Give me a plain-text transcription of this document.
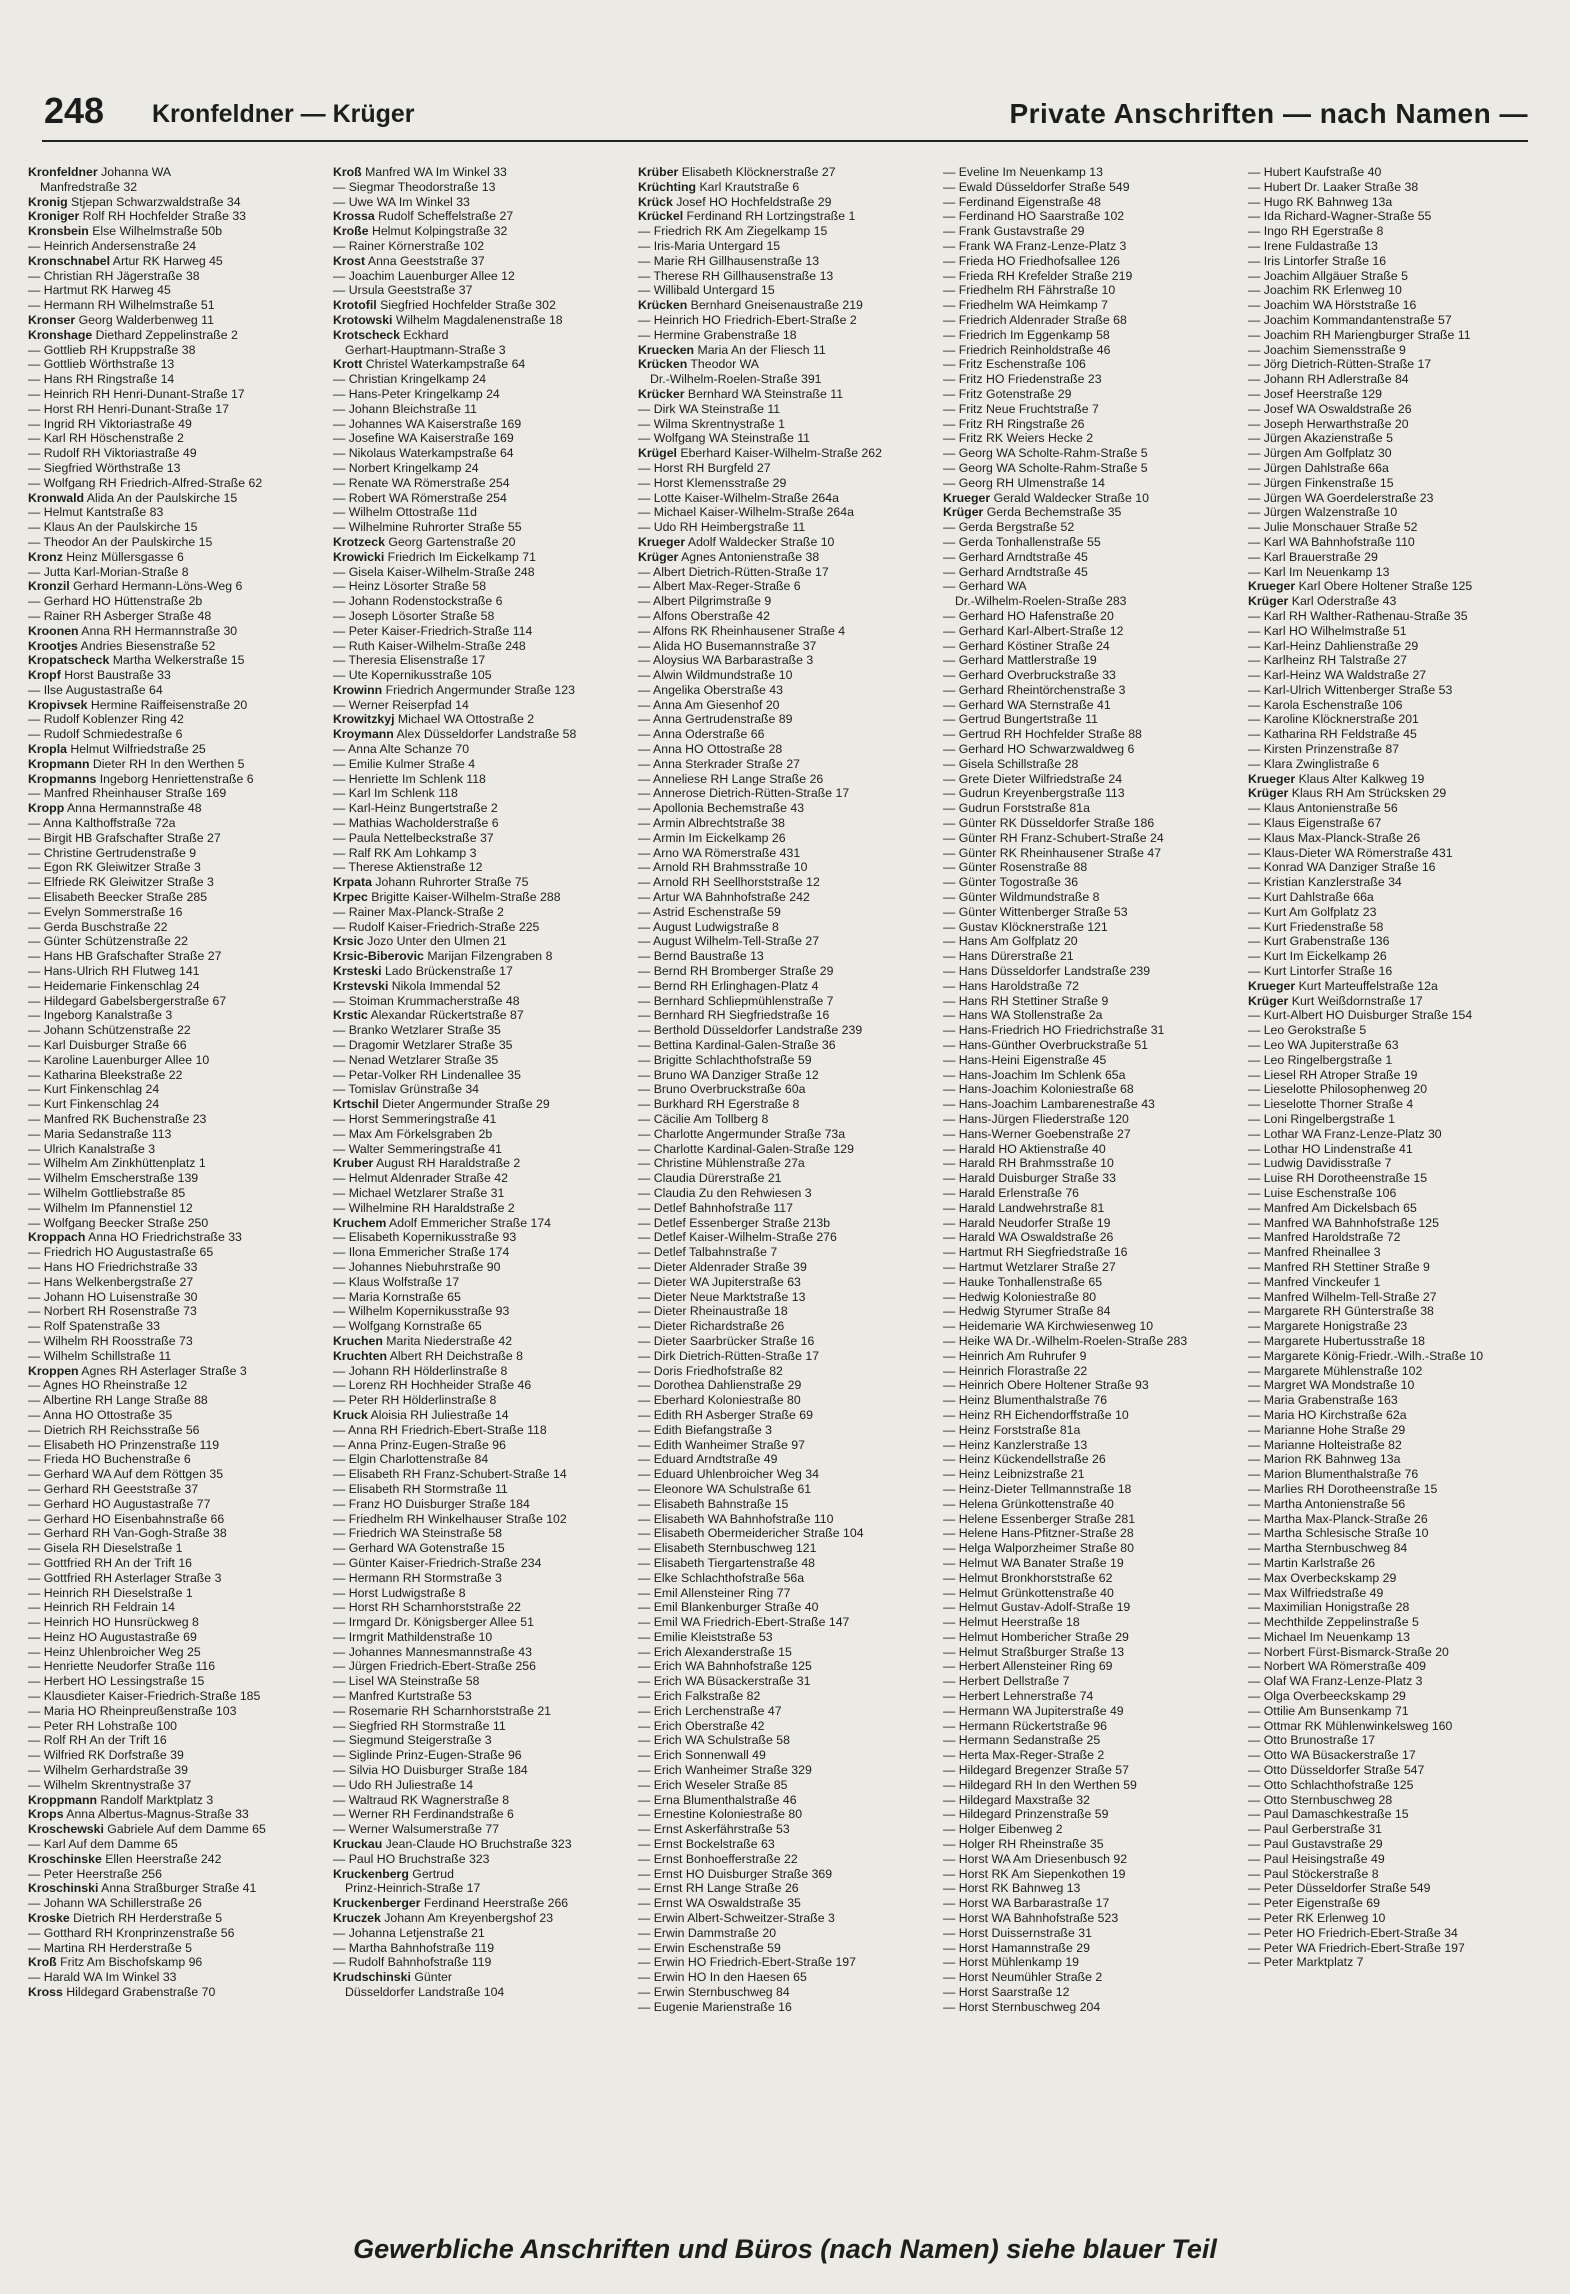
248 Kronfeldner — Krüger	Private Anschriften — nach Namen —
Kronfeldner Johanna WA
Manfredstraße 32
Kronig Stjepan Schwarzwaldstraße 34
Kroniger Rolf RH Hochfelder Straße 33
Kronsbein Else Wilhelmstraße 50b
— Heinrich Andersenstraße 24
Kronschnabel Artur RK Harweg 45
— Christian RH Jägerstraße 38
— Hartmut RK Harweg 45
— Hermann RH Wilhelmstraße 51
Kronser Georg Walderbenweg 11
Kronshage Diethard Zeppelinstraße 2
— Gottlieb RH Kruppstraße 38
— Gottlieb Wörthstraße 13
— Hans RH Ringstraße 14
— Heinrich RH Henri-Dunant-Straße 17
— Horst RH Henri-Dunant-Straße 17
— Ingrid RH Viktoriastraße 49
— Karl RH Höschenstraße 2
— Rudolf RH Viktoriastraße 49
— Siegfried Wörthstraße 13
— Wolfgang RH Friedrich-Alfred-Straße 62
Kronwald Alida An der Paulskirche 15
— Helmut Kantstraße 83
— Klaus An der Paulskirche 15
— Theodor An der Paulskirche 15
Kronz Heinz Müllersgasse 6
— Jutta Karl-Morian-Straße 8
Kronzil Gerhard Hermann-Löns-Weg 6
— Gerhard HO Hüttenstraße 2b
— Rainer RH Asberger Straße 48
Kroonen Anna RH Hermannstraße 30
Krootjes Andries Biesenstraße 52
Kropatscheck Martha Welkerstraße 15
Kropf Horst Baustraße 33
— Ilse Augustastraße 64
Kropivsek Hermine Raiffeisenstraße 20
— Rudolf Koblenzer Ring 42
— Rudolf Schmiedestraße 6
Kropla Helmut Wilfriedstraße 25
Kropmann Dieter RH In den Werthen 5
Kropmanns Ingeborg Henriettenstraße 6
— Manfred Rheinhauser Straße 169
Kropp Anna Hermannstraße 48
— Anna Kalthoffstraße 72a
— Birgit HB Grafschafter Straße 27
— Christine Gertrudenstraße 9
— Egon RK Gleiwitzer Straße 3
— Elfriede RK Gleiwitzer Straße 3
— Elisabeth Beecker Straße 285
— Evelyn Sommerstraße 16
— Gerda Buschstraße 22
— Günter Schützenstraße 22
— Hans HB Grafschafter Straße 27
— Hans-Ulrich RH Flutweg 141
— Heidemarie Finkenschlag 24
— Hildegard Gabelsbergerstraße 67
— Ingeborg Kanalstraße 3
— Johann Schützenstraße 22
— Karl Duisburger Straße 66
— Karoline Lauenburger Allee 10
— Katharina Bleekstraße 22
— Kurt Finkenschlag 24
— Kurt Finkenschlag 24
— Manfred RK Buchenstraße 23
— Maria Sedanstraße 113
— Ulrich Kanalstraße 3
— Wilhelm Am Zinkhüttenplatz 1
— Wilhelm Emscherstraße 139
— Wilhelm Gottliebstraße 85
— Wilhelm Im Pfannenstiel 12
— Wolfgang Beecker Straße 250
Kroppach Anna HO Friedrichstraße 33
— Friedrich HO Augustastraße 65
— Hans HO Friedrichstraße 33
— Hans Welkenbergstraße 27
— Johann HO Luisenstraße 30
— Norbert RH Rosenstraße 73
— Rolf Spatenstraße 33
— Wilhelm RH Roosstraße 73
— Wilhelm Schillstraße 11
Kroppen Agnes RH Asterlager Straße 3
— Agnes HO Rheinstraße 12
— Albertine RH Lange Straße 88
— Anna HO Ottostraße 35
— Dietrich RH Reichsstraße 56
— Elisabeth HO Prinzenstraße 119
— Frieda HO Buchenstraße 6
— Gerhard WA Auf dem Röttgen 35
— Gerhard RH Geeststraße 37
— Gerhard HO Augustastraße 77
— Gerhard HO Eisenbahnstraße 66
— Gerhard RH Van-Gogh-Straße 38
— Gisela RH Dieselstraße 1
— Gottfried RH An der Trift 16
— Gottfried RH Asterlager Straße 3
— Heinrich RH Dieselstraße 1
— Heinrich RH Feldrain 14
— Heinrich HO Hunsrückweg 8
— Heinz HO Augustastraße 69
— Heinz Uhlenbroicher Weg 25
— Henriette Neudorfer Straße 116
— Herbert HO Lessingstraße 15
— Klausdieter Kaiser-Friedrich-Straße 185
— Maria HO Rheinpreußenstraße 103
— Peter RH Lohstraße 100
— Rolf RH An der Trift 16
— Wilfried RK Dorfstraße 39
— Wilhelm Gerhardstraße 39
— Wilhelm Skrentnystraße 37
Kroppmann Randolf Marktplatz 3
Krops Anna Albertus-Magnus-Straße 33
Kroschewski Gabriele Auf dem Damme 65
— Karl Auf dem Damme 65
Kroschinske Ellen Heerstraße 242
— Peter Heerstraße 256
Kroschinski Anna Straßburger Straße 41
— Johann WA Schillerstraße 26
Kroske Dietrich RH Herderstraße 5
— Gotthard RH Kronprinzenstraße 56
— Martina RH Herderstraße 5
Kroß Fritz Am Bischofskamp 96
— Harald WA Im Winkel 33
Kross Hildegard Grabenstraße 70
Kroß Manfred WA Im Winkel 33
— Siegmar Theodorstraße 13
— Uwe WA Im Winkel 33
Krossa Rudolf Scheffelstraße 27
Kroße Helmut Kolpingstraße 32
— Rainer Körnerstraße 102
Krost Anna Geeststraße 37
— Joachim Lauenburger Allee 12
— Ursula Geeststraße 37
Krotofil Siegfried Hochfelder Straße 302
Krotowski Wilhelm Magdalenenstraße 18
Krotscheck Eckhard
Gerhart-Hauptmann-Straße 3
Krott Christel Waterkampstraße 64
— Christian Kringelkamp 24
— Hans-Peter Kringelkamp 24
— Johann Bleichstraße 11
— Johannes WA Kaiserstraße 169
— Josefine WA Kaiserstraße 169
— Nikolaus Waterkampstraße 64
— Norbert Kringelkamp 24
— Renate WA Römerstraße 254
— Robert WA Römerstraße 254
— Wilhelm Ottostraße 11d
— Wilhelmine Ruhrorter Straße 55
Krotzeck Georg Gartenstraße 20
Krowicki Friedrich Im Eickelkamp 71
— Gisela Kaiser-Wilhelm-Straße 248
— Heinz Lösorter Straße 58
— Johann Rodenstockstraße 6
— Joseph Lösorter Straße 58
— Peter Kaiser-Friedrich-Straße 114
— Ruth Kaiser-Wilhelm-Straße 248
— Theresia Elisenstraße 17
— Ute Kopernikusstraße 105
Krowinn Friedrich Angermunder Straße 123
— Werner Reiserpfad 14
Krowitzkyj Michael WA Ottostraße 2
Kroymann Alex Düsseldorfer Landstraße 58
— Anna Alte Schanze 70
— Emilie Kulmer Straße 4
— Henriette Im Schlenk 118
— Karl Im Schlenk 118
— Karl-Heinz Bungertstraße 2
— Mathias Wacholderstraße 6
— Paula Nettelbeckstraße 37
— Ralf RK Am Lohkamp 3
— Therese Aktienstraße 12
Krpata Johann Ruhrorter Straße 75
Krpec Brigitte Kaiser-Wilhelm-Straße 288
— Rainer Max-Planck-Straße 2
— Rudolf Kaiser-Friedrich-Straße 225
Krsic Jozo Unter den Ulmen 21
Krsic-Biberovic Marijan Filzengraben 8
Krsteski Lado Brückenstraße 17
Krstevski Nikola Immendal 52
— Stoiman Krummacherstraße 48
Krstic Alexandar Rückertstraße 87
— Branko Wetzlarer Straße 35
— Dragomir Wetzlarer Straße 35
— Nenad Wetzlarer Straße 35
— Petar-Volker RH Lindenallee 35
— Tomislav Grünstraße 34
Krtschil Dieter Angermunder Straße 29
— Horst Semmeringstraße 41
— Max Am Förkelsgraben 2b
— Walter Semmeringstraße 41
Kruber August RH Haraldstraße 2
— Helmut Aldenrader Straße 42
— Michael Wetzlarer Straße 31
— Wilhelmine RH Haraldstraße 2
Kruchem Adolf Emmericher Straße 174
— Elisabeth Kopernikusstraße 93
— Ilona Emmericher Straße 174
— Johannes Niebuhrstraße 90
— Klaus Wolfstraße 17
— Maria Kornstraße 65
— Wilhelm Kopernikusstraße 93
— Wolfgang Kornstraße 65
Kruchen Marita Niederstraße 42
Kruchten Albert RH Deichstraße 8
— Johann RH Hölderlinstraße 8
— Lorenz RH Hochheider Straße 46
— Peter RH Hölderlinstraße 8
Kruck Aloisia RH Juliestraße 14
— Anna RH Friedrich-Ebert-Straße 118
— Anna Prinz-Eugen-Straße 96
— Elgin Charlottenstraße 84
— Elisabeth RH Franz-Schubert-Straße 14
— Elisabeth RH Stormstraße 11
— Franz HO Duisburger Straße 184
— Friedhelm RH Winkelhauser Straße 102
— Friedrich WA Steinstraße 58
— Gerhard WA Gotenstraße 15
— Günter Kaiser-Friedrich-Straße 234
— Hermann RH Stormstraße 3
— Horst Ludwigstraße 8
— Horst RH Scharnhorststraße 22
— Irmgard Dr. Königsberger Allee 51
— Irmgrit Mathildenstraße 10
— Johannes Mannesmannstraße 43
— Jürgen Friedrich-Ebert-Straße 256
— Lisel WA Steinstraße 58
— Manfred Kurtstraße 53
— Rosemarie RH Scharnhorststraße 21
— Siegfried RH Stormstraße 11
— Siegmund Steigerstraße 3
— Siglinde Prinz-Eugen-Straße 96
— Silvia HO Duisburger Straße 184
— Udo RH Juliestraße 14
— Waltraud RK Wagnerstraße 8
— Werner RH Ferdinandstraße 6
— Werner Walsumerstraße 77
Kruckau Jean-Claude HO Bruchstraße 323
— Paul HO Bruchstraße 323
Kruckenberg Gertrud
Prinz-Heinrich-Straße 17
Kruckenberger Ferdinand Heerstraße 266
Kruczek Johann Am Kreyenbergshof 23
— Johanna Letjenstraße 21
— Martha Bahnhofstraße 119
— Rudolf Bahnhofstraße 119
Krudschinski Günter
Düsseldorfer Landstraße 104
Krüber Elisabeth Klöcknerstraße 27
Krüchting Karl Krautstraße 6
Krück Josef HO Hochfeldstraße 29
Krückel Ferdinand RH Lortzingstraße 1
— Friedrich RK Am Ziegelkamp 15
— Iris-Maria Untergard 15
— Marie RH Gillhausenstraße 13
— Therese RH Gillhausenstraße 13
— Willibald Untergard 15
Krücken Bernhard Gneisenaustraße 219
— Heinrich HO Friedrich-Ebert-Straße 2
— Hermine Grabenstraße 18
Kruecken Maria An der Fliesch 11
Krücken Theodor WA
Dr.-Wilhelm-Roelen-Straße 391
Krücker Bernhard WA Steinstraße 11
— Dirk WA Steinstraße 11
— Wilma Skrentnystraße 1
— Wolfgang WA Steinstraße 11
Krügel Eberhard Kaiser-Wilhelm-Straße 262
— Horst RH Burgfeld 27
— Horst Klemensstraße 29
— Lotte Kaiser-Wilhelm-Straße 264a
— Michael Kaiser-Wilhelm-Straße 264a
— Udo RH Heimbergstraße 11
Krueger Adolf Waldecker Straße 10
Krüger Agnes Antonienstraße 38
— Albert Dietrich-Rütten-Straße 17
— Albert Max-Reger-Straße 6
— Albert Pilgrimstraße 9
— Alfons Oberstraße 42
— Alfons RK Rheinhausener Straße 4
— Alida HO Busemannstraße 37
— Aloysius WA Barbarastraße 3
— Alwin Wildmundstraße 10
— Angelika Oberstraße 43
— Anna Am Giesenhof 20
— Anna Gertrudenstraße 89
— Anna Oderstraße 66
— Anna HO Ottostraße 28
— Anna Sterkrader Straße 27
— Anneliese RH Lange Straße 26
— Annerose Dietrich-Rütten-Straße 17
— Apollonia Bechemstraße 43
— Armin Albrechtstraße 38
— Armin Im Eickelkamp 26
— Arno WA Römerstraße 431
— Arnold RH Brahmsstraße 10
— Arnold RH Seellhorststraße 12
— Artur WA Bahnhofstraße 242
— Astrid Eschenstraße 59
— August Ludwigstraße 8
— August Wilhelm-Tell-Straße 27
— Bernd Baustraße 13
— Bernd RH Bromberger Straße 29
— Bernd RH Erlinghagen-Platz 4
— Bernhard Schliepmühlenstraße 7
— Bernhard RH Siegfriedstraße 16
— Berthold Düsseldorfer Landstraße 239
— Bettina Kardinal-Galen-Straße 36
— Brigitte Schlachthofstraße 59
— Bruno WA Danziger Straße 12
— Bruno Overbruckstraße 60a
— Burkhard RH Egerstraße 8
— Cäcilie Am Tollberg 8
— Charlotte Angermunder Straße 73a
— Charlotte Kardinal-Galen-Straße 129
— Christine Mühlenstraße 27a
— Claudia Dürerstraße 21
— Claudia Zu den Rehwiesen 3
— Detlef Bahnhofstraße 117
— Detlef Essenberger Straße 213b
— Detlef Kaiser-Wilhelm-Straße 276
— Detlef Talbahnstraße 7
— Dieter Aldenrader Straße 39
— Dieter WA Jupiterstraße 63
— Dieter Neue Marktstraße 13
— Dieter Rheinaustraße 18
— Dieter Richardstraße 26
— Dieter Saarbrücker Straße 16
— Dirk Dietrich-Rütten-Straße 17
— Doris Friedhofstraße 82
— Dorothea Dahlienstraße 29
— Eberhard Koloniestraße 80
— Edith RH Asberger Straße 69
— Edith Biefangstraße 3
— Edith Wanheimer Straße 97
— Eduard Arndtstraße 49
— Eduard Uhlenbroicher Weg 34
— Eleonore WA Schulstraße 61
— Elisabeth Bahnstraße 15
— Elisabeth WA Bahnhofstraße 110
— Elisabeth Obermeidericher Straße 104
— Elisabeth Sternbuschweg 121
— Elisabeth Tiergartenstraße 48
— Elke Schlachthofstraße 56a
— Emil Allensteiner Ring 77
— Emil Blankenburger Straße 40
— Emil WA Friedrich-Ebert-Straße 147
— Emilie Kleiststraße 53
— Erich Alexanderstraße 15
— Erich WA Bahnhofstraße 125
— Erich WA Büsackerstraße 31
— Erich Falkstraße 82
— Erich Lerchenstraße 47
— Erich Oberstraße 42
— Erich WA Schulstraße 58
— Erich Sonnenwall 49
— Erich Wanheimer Straße 329
— Erich Weseler Straße 85
— Erna Blumenthalstraße 46
— Ernestine Koloniestraße 80
— Ernst Askerfährstraße 53
— Ernst Bockelstraße 63
— Ernst Bonhoefferstraße 22
— Ernst HO Duisburger Straße 369
— Ernst RH Lange Straße 26
— Ernst WA Oswaldstraße 35
— Erwin Albert-Schweitzer-Straße 3
— Erwin Dammstraße 20
— Erwin Eschenstraße 59
— Erwin HO Friedrich-Ebert-Straße 197
— Erwin HO In den Haesen 65
— Erwin Sternbuschweg 84
— Eugenie Marienstraße 16
— Eveline Im Neuenkamp 13
— Ewald Düsseldorfer Straße 549
— Ferdinand Eigenstraße 48
— Ferdinand HO Saarstraße 102
— Frank Gustavstraße 29
— Frank WA Franz-Lenze-Platz 3
— Frieda HO Friedhofsallee 126
— Frieda RH Krefelder Straße 219
— Friedhelm RH Fährstraße 10
— Friedhelm WA Heimkamp 7
— Friedrich Aldenrader Straße 68
— Friedrich Im Eggenkamp 58
— Friedrich Reinholdstraße 46
— Fritz Eschenstraße 106
— Fritz HO Friedenstraße 23
— Fritz Gotenstraße 29
— Fritz Neue Fruchtstraße 7
— Fritz RH Ringstraße 26
— Fritz RK Weiers Hecke 2
— Georg WA Scholte-Rahm-Straße 5
— Georg WA Scholte-Rahm-Straße 5
— Georg RH Ulmenstraße 14
Krueger Gerald Waldecker Straße 10
Krüger Gerda Bechemstraße 35
— Gerda Bergstraße 52
— Gerda Tonhallenstraße 55
— Gerhard Arndtstraße 45
— Gerhard Arndtstraße 45
— Gerhard WA
Dr.-Wilhelm-Roelen-Straße 283
— Gerhard HO Hafenstraße 20
— Gerhard Karl-Albert-Straße 12
— Gerhard Köstiner Straße 24
— Gerhard Mattlerstraße 19
— Gerhard Overbruckstraße 33
— Gerhard Rheintörchenstraße 3
— Gerhard WA Sternstraße 41
— Gertrud Bungertstraße 11
— Gertrud RH Hochfelder Straße 88
— Gerhard HO Schwarzwaldweg 6
— Gisela Schillstraße 28
— Grete Dieter Wilfriedstraße 24
— Gudrun Kreyenbergstraße 113
— Gudrun Forststraße 81a
— Günter RK Düsseldorfer Straße 186
— Günter RH Franz-Schubert-Straße 24
— Günter RK Rheinhausener Straße 47
— Günter Rosenstraße 88
— Günter Togostraße 36
— Günter Wildmundstraße 8
— Günter Wittenberger Straße 53
— Gustav Klöcknerstraße 121
— Hans Am Golfplatz 20
— Hans Dürerstraße 21
— Hans Düsseldorfer Landstraße 239
— Hans Haroldstraße 72
— Hans RH Stettiner Straße 9
— Hans WA Stollenstraße 2a
— Hans-Friedrich HO Friedrichstraße 31
— Hans-Günther Overbruckstraße 51
— Hans-Heini Eigenstraße 45
— Hans-Joachim Im Schlenk 65a
— Hans-Joachim Koloniestraße 68
— Hans-Joachim Lambarenestraße 43
— Hans-Jürgen Fliederstraße 120
— Hans-Werner Goebenstraße 27
— Harald HO Aktienstraße 40
— Harald RH Brahmsstraße 10
— Harald Duisburger Straße 33
— Harald Erlenstraße 76
— Harald Landwehrstraße 81
— Harald Neudorfer Straße 19
— Harald WA Oswaldstraße 26
— Hartmut RH Siegfriedstraße 16
— Hartmut Wetzlarer Straße 27
— Hauke Tonhallenstraße 65
— Hedwig Koloniestraße 80
— Hedwig Styrumer Straße 84
— Heidemarie WA Kirchwiesenweg 10
— Heike WA Dr.-Wilhelm-Roelen-Straße 283
— Heinrich Am Ruhrufer 9
— Heinrich Florastraße 22
— Heinrich Obere Holtener Straße 93
— Heinz Blumenthalstraße 76
— Heinz RH Eichendorffstraße 10
— Heinz Forststraße 81a
— Heinz Kanzlerstraße 13
— Heinz Kückendellstraße 26
— Heinz Leibnizstraße 21
— Heinz-Dieter Tellmannstraße 18
— Helena Grünkottenstraße 40
— Helene Essenberger Straße 281
— Helene Hans-Pfitzner-Straße 28
— Helga Walporzheimer Straße 80
— Helmut WA Banater Straße 19
— Helmut Bronkhorststraße 62
— Helmut Grünkottenstraße 40
— Helmut Gustav-Adolf-Straße 19
— Helmut Heerstraße 18
— Helmut Hombericher Straße 29
— Helmut Straßburger Straße 13
— Herbert Allensteiner Ring 69
— Herbert Dellstraße 7
— Herbert Lehnerstraße 74
— Hermann WA Jupiterstraße 49
— Hermann Rückertstraße 96
— Hermann Sedanstraße 25
— Herta Max-Reger-Straße 2
— Hildegard Bregenzer Straße 57
— Hildegard RH In den Werthen 59
— Hildegard Maxstraße 32
— Hildegard Prinzenstraße 59
— Holger Eibenweg 2
— Holger RH Rheinstraße 35
— Horst WA Am Driesenbusch 92
— Horst RK Am Siepenkothen 19
— Horst RK Bahnweg 13
— Horst WA Barbarastraße 17
— Horst WA Bahnhofstraße 523
— Horst Duissernstraße 31
— Horst Hamannstraße 29
— Horst Mühlenkamp 19
— Horst Neumühler Straße 2
— Horst Saarstraße 12
— Horst Sternbuschweg 204
— Hubert Kaufstraße 40
— Hubert Dr. Laaker Straße 38
— Hugo RK Bahnweg 13a
— Ida Richard-Wagner-Straße 55
— Ingo RH Egerstraße 8
— Irene Fuldastraße 13
— Iris Lintorfer Straße 16
— Joachim Allgäuer Straße 5
— Joachim RK Erlenweg 10
— Joachim WA Hörststraße 16
— Joachim Kommandantenstraße 57
— Joachim RH Mariengburger Straße 11
— Joachim Siemensstraße 9
— Jörg Dietrich-Rütten-Straße 17
— Johann RH Adlerstraße 84
— Josef Heerstraße 129
— Josef WA Oswaldstraße 26
— Joseph Herwarthstraße 20
— Jürgen Akazienstraße 5
— Jürgen Am Golfplatz 30
— Jürgen Dahlstraße 66a
— Jürgen Finkenstraße 15
— Jürgen WA Goerdelerstraße 23
— Jürgen Walzenstraße 10
— Julie Monschauer Straße 52
— Karl WA Bahnhofstraße 110
— Karl Brauerstraße 29
— Karl Im Neuenkamp 13
Krueger Karl Obere Holtener Straße 125
Krüger Karl Oderstraße 43
— Karl RH Walther-Rathenau-Straße 35
— Karl HO Wilhelmstraße 51
— Karl-Heinz Dahlienstraße 29
— Karlheinz RH Talstraße 27
— Karl-Heinz WA Waldstraße 27
— Karl-Ulrich Wittenberger Straße 53
— Karola Eschenstraße 106
— Karoline Klöcknerstraße 201
— Katharina RH Feldstraße 45
— Kirsten Prinzenstraße 87
— Klara Zwinglistraße 6
Krueger Klaus Alter Kalkweg 19
Krüger Klaus RH Am Strücksken 29
— Klaus Antonienstraße 56
— Klaus Eigenstraße 67
— Klaus Max-Planck-Straße 26
— Klaus-Dieter WA Römerstraße 431
— Konrad WA Danziger Straße 16
— Kristian Kanzlerstraße 34
— Kurt Dahlstraße 66a
— Kurt Am Golfplatz 23
— Kurt Friedenstraße 58
— Kurt Grabenstraße 136
— Kurt Im Eickelkamp 26
— Kurt Lintorfer Straße 16
Krueger Kurt Marteuffelstraße 12a
Krüger Kurt Weißdornstraße 17
— Kurt-Albert HO Duisburger Straße 154
— Leo Gerokstraße 5
— Leo WA Jupiterstraße 63
— Leo Ringelbergstraße 1
— Liesel RH Atroper Straße 19
— Lieselotte Philosophenweg 20
— Lieselotte Thorner Straße 4
— Loni Ringelbergstraße 1
— Lothar WA Franz-Lenze-Platz 30
— Lothar HO Lindenstraße 41
— Ludwig Davidisstraße 7
— Luise RH Dorotheenstraße 15
— Luise Eschenstraße 106
— Manfred Am Dickelsbach 65
— Manfred WA Bahnhofstraße 125
— Manfred Haroldstraße 72
— Manfred Rheinallee 3
— Manfred RH Stettiner Straße 9
— Manfred Vinckeufer 1
— Manfred Wilhelm-Tell-Straße 27
— Margarete RH Günterstraße 38
— Margarete Honigstraße 23
— Margarete Hubertusstraße 18
— Margarete König-Friedr.-Wilh.-Straße 10
— Margarete Mühlenstraße 102
— Margret WA Mondstraße 10
— Maria Grabenstraße 163
— Maria HO Kirchstraße 62a
— Marianne Hohe Straße 29
— Marianne Holteistraße 82
— Marion RK Bahnweg 13a
— Marion Blumenthalstraße 76
— Marlies RH Dorotheenstraße 15
— Martha Antonienstraße 56
— Martha Max-Planck-Straße 26
— Martha Schlesische Straße 10
— Martha Sternbuschweg 84
— Martin Karlstraße 26
— Max Overbeckskamp 29
— Max Wilfriedstraße 49
— Maximilian Honigstraße 28
— Mechthilde Zeppelinstraße 5
— Michael Im Neuenkamp 13
— Norbert Fürst-Bismarck-Straße 20
— Norbert WA Römerstraße 409
— Olaf WA Franz-Lenze-Platz 3
— Olga Overbeeckskamp 29
— Ottilie Am Bunsenkamp 71
— Ottmar RK Mühlenwinkelsweg 160
— Otto Brunostraße 17
— Otto WA Büsackerstraße 17
— Otto Düsseldorfer Straße 547
— Otto Schlachthofstraße 125
— Otto Sternbuschweg 28
— Paul Damaschkestraße 15
— Paul Gerberstraße 31
— Paul Gustavstraße 29
— Paul Heisingstraße 49
— Paul Stöckerstraße 8
— Peter Düsseldorfer Straße 549
— Peter Eigenstraße 69
— Peter RK Erlenweg 10
— Peter HO Friedrich-Ebert-Straße 34
— Peter WA Friedrich-Ebert-Straße 197
— Peter Marktplatz 7
Gewerbliche Anschriften und Büros (nach Namen) siehe blauer Teil
